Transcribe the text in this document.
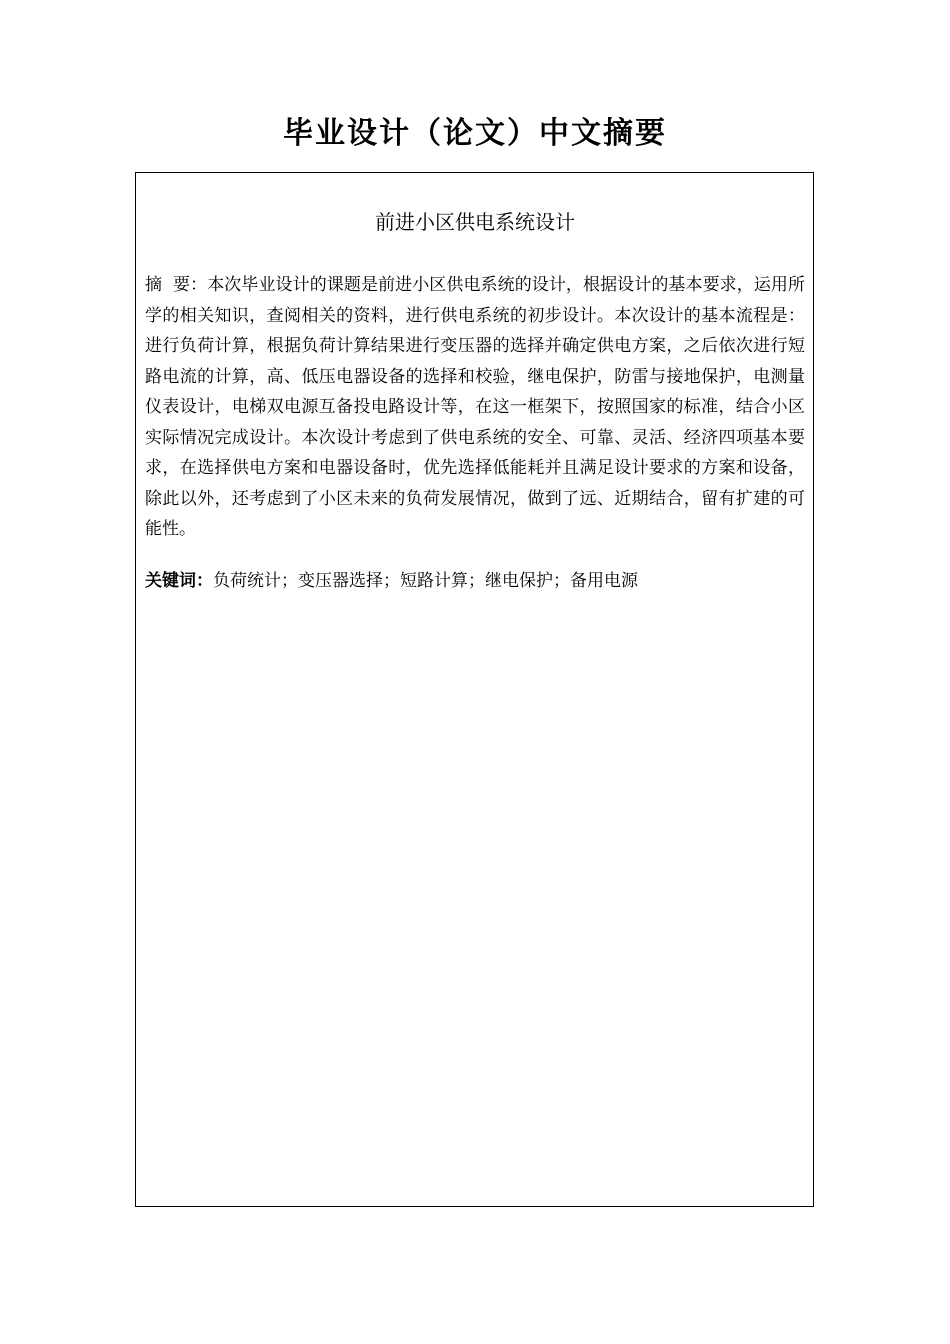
毕业设计（论文）中文摘要
前进小区供电系统设计

摘  要：本次毕业设计的课题是前进小区供电系统的设计，根据设计的基本要求，运用所学的相关知识，查阅相关的资料，进行供电系统的初步设计。本次设计的基本流程是：进行负荷计算，根据负荷计算结果进行变压器的选择并确定供电方案，之后依次进行短路电流的计算，高、低压电器设备的选择和校验，继电保护，防雷与接地保护，电测量仪表设计，电梯双电源互备投电路设计等，在这一框架下，按照国家的标准，结合小区实际情况完成设计。本次设计考虑到了供电系统的安全、可靠、灵活、经济四项基本要求，在选择供电方案和电器设备时，优先选择低能耗并且满足设计要求的方案和设备，除此以外，还考虑到了小区未来的负荷发展情况，做到了远、近期结合，留有扩建的可能性。

关键词：负荷统计；变压器选择；短路计算；继电保护；备用电源
